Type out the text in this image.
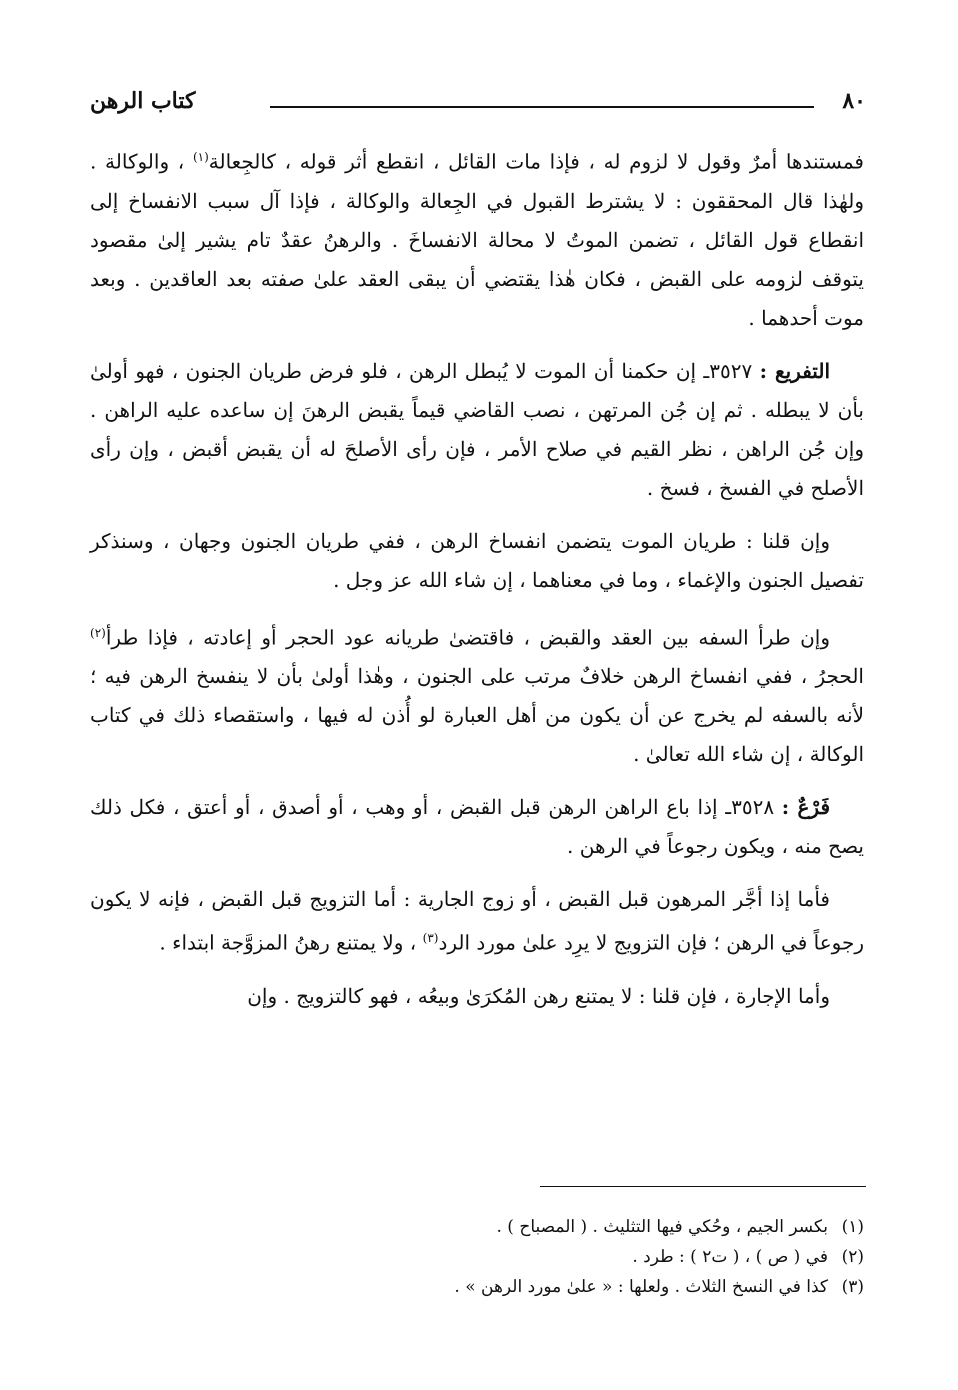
٨٠
كتاب الرهن

فمستندها أمرٌ وقول لا لزوم له ، فإذا مات القائل ، انقطع أثر قوله ، كالجِعالة$^{(١)}$ ، والوكالة . ولهٰذا قال المحققون : لا يشترط القبول في الجِعالة والوكالة ، فإذا آل سبب الانفساخ إلى انقطاع قول القائل ، تضمن الموتُ لا محالة الانفساخَ . والرهنُ عقدٌ تام يشير إلىٰ مقصود يتوقف لزومه على القبض ، فكان هٰذا يقتضي أن يبقى العقد علىٰ صفته بعد العاقدين . وبعد موت أحدهما .

التفريع : ٣٥٢٧ـ إن حكمنا أن الموت لا يُبطل الرهن ، فلو فرض طريان الجنون ، فهو أولىٰ بأن لا يبطله . ثم إن جُن المرتهن ، نصب القاضي قيماً يقبض الرهنَ إن ساعده عليه الراهن . وإن جُن الراهن ، نظر القيم في صلاح الأمر ، فإن رأى الأصلحَ له أن يقبض أقبض ، وإن رأى الأصلح في الفسخ ، فسخ .

وإن قلنا : طريان الموت يتضمن انفساخ الرهن ، ففي طريان الجنون وجهان ، وسنذكر تفصيل الجنون والإغماء ، وما في معناهما ، إن شاء الله عز وجل .

وإن طرأ السفه بين العقد والقبض ، فاقتضىٰ طريانه عود الحجر أو إعادته ، فإذا طرأ$^{(٢)}$ الحجرُ ، ففي انفساخ الرهن خلافٌ مرتب على الجنون ، وهٰذا أولىٰ بأن لا ينفسخ الرهن فيه ؛ لأنه بالسفه لم يخرج عن أن يكون من أهل العبارة لو أُذن له فيها ، واستقصاء ذلك في كتاب الوكالة ، إن شاء الله تعالىٰ .

فَرْعٌ : ٣٥٢٨ـ إذا باع الراهن الرهن قبل القبض ، أو وهب ، أو أصدق ، أو أعتق ، فكل ذلك يصح منه ، ويكون رجوعاً في الرهن .

فأما إذا أجَّر المرهون قبل القبض ، أو زوج الجارية : أما التزويج قبل القبض ، فإنه لا يكون رجوعاً في الرهن ؛ فإن التزويج لا يرِد علىٰ مورد الرد$^{(٣)}$ ، ولا يمتنع رهنُ المزوَّجة ابتداء .

وأما الإجارة ، فإن قلنا : لا يمتنع رهن المُكرَىٰ وبيعُه ، فهو كالتزويج . وإن

(١)بكسر الجيم ، وحُكي فيها التثليث . ( المصباح ) .
(٢)في ( ص ) ، ( ت٢ ) : طرد .
(٣)كذا في النسخ الثلاث . ولعلها : « علىٰ مورد الرهن » .
